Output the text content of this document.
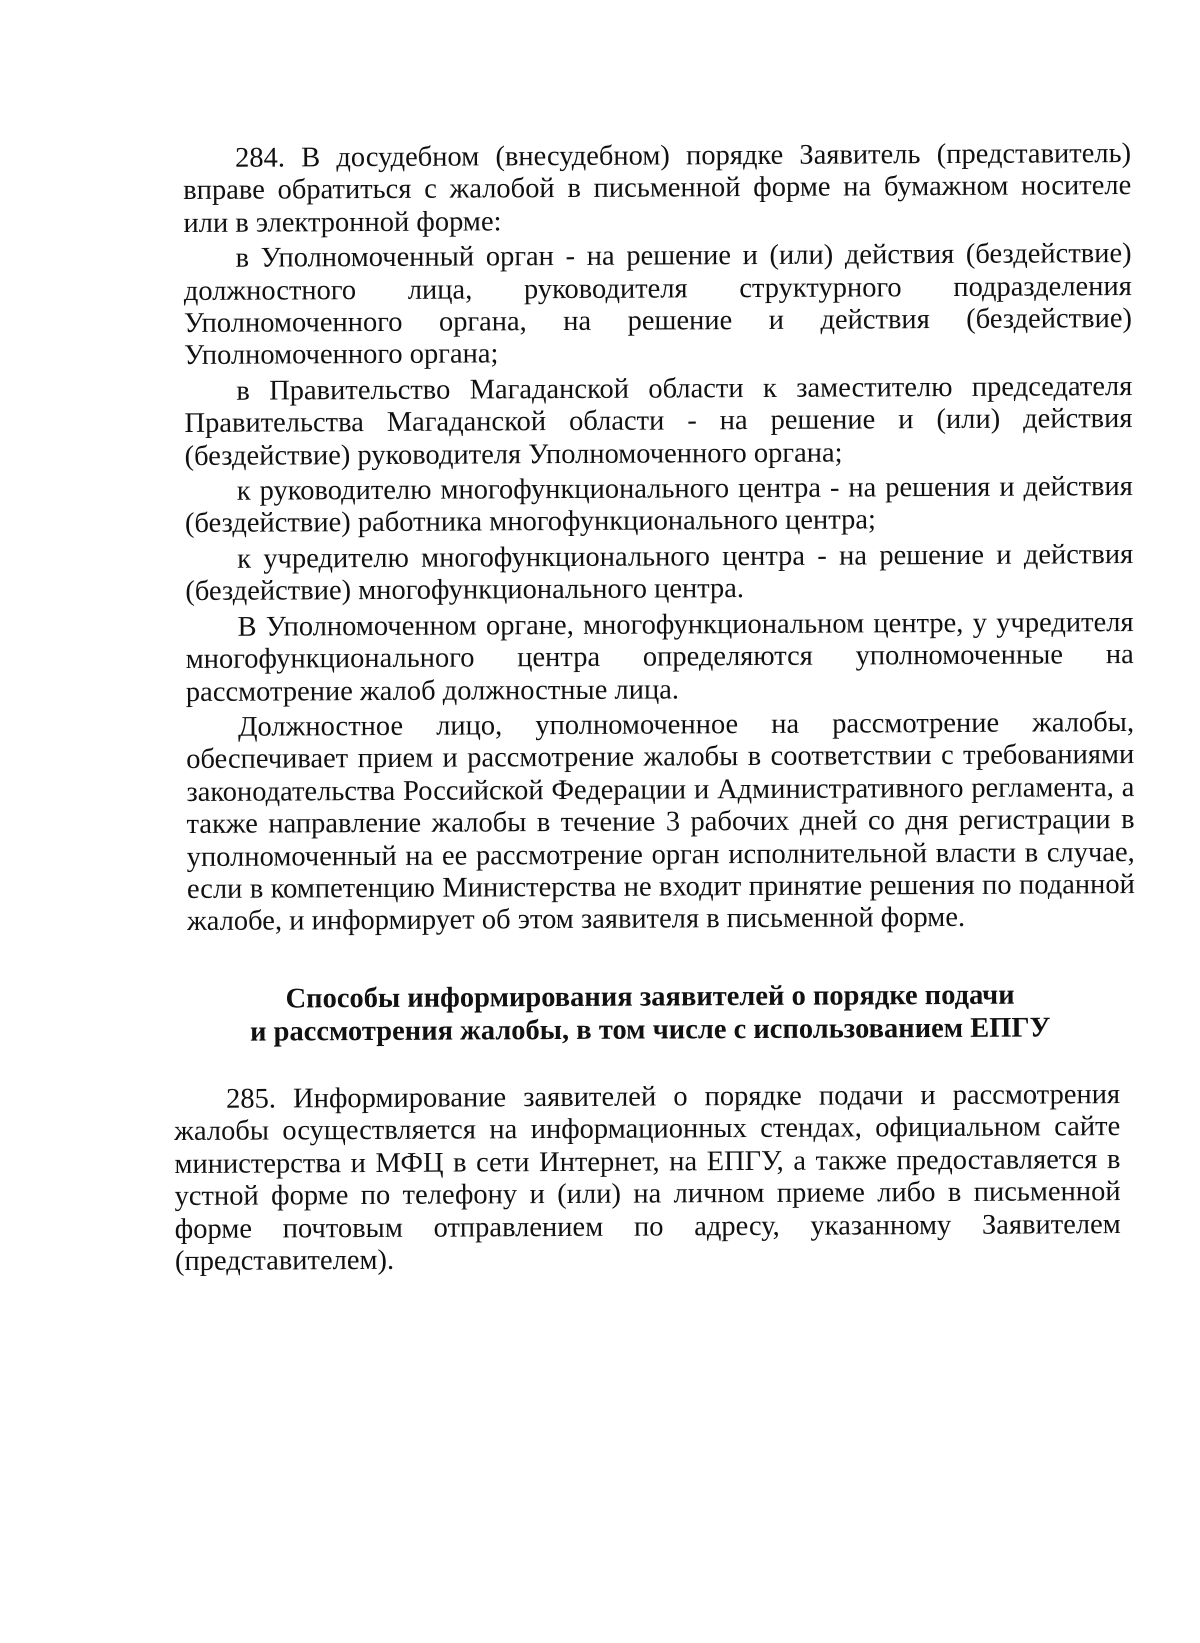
284. В досудебном (внесудебном) порядке Заявитель (представитель) вправе обратиться с жалобой в письменной форме на бумажном носителе или в электронной форме:

в Уполномоченный орган - на решение и (или) действия (бездействие) должностного лица, руководителя структурного подразделения Уполномоченного органа, на решение и действия (бездействие) Уполномоченного органа;

в Правительство Магаданской области к заместителю председателя Правительства Магаданской области - на решение и (или) действия (бездействие) руководителя Уполномоченного органа;

к руководителю многофункционального центра - на решения и действия (бездействие) работника многофункционального центра;

к учредителю многофункционального центра - на решение и действия (бездействие) многофункционального центра.

В Уполномоченном органе, многофункциональном центре, у учредителя многофункционального центра определяются уполномоченные на рассмотрение жалоб должностные лица.

Должностное лицо, уполномоченное на рассмотрение жалобы, обеспечивает прием и рассмотрение жалобы в соответствии с требованиями законодательства Российской Федерации и Административного регламента, а также направление жалобы в течение 3 рабочих дней со дня регистрации в уполномоченный на ее рассмотрение орган исполнительной власти в случае, если в компетенцию Министерства не входит принятие решения по поданной жалобе, и информирует об этом заявителя в письменной форме.

Способы информирования заявителей о порядке подачи
и рассмотрения жалобы, в том числе с использованием ЕПГУ

285. Информирование заявителей о порядке подачи и рассмотрения жалобы осуществляется на информационных стендах, официальном сайте министерства и МФЦ в сети Интернет, на ЕПГУ, а также предоставляется в устной форме по телефону и (или) на личном приеме либо в письменной форме почтовым отправлением по адресу, указанному Заявителем (представителем).
